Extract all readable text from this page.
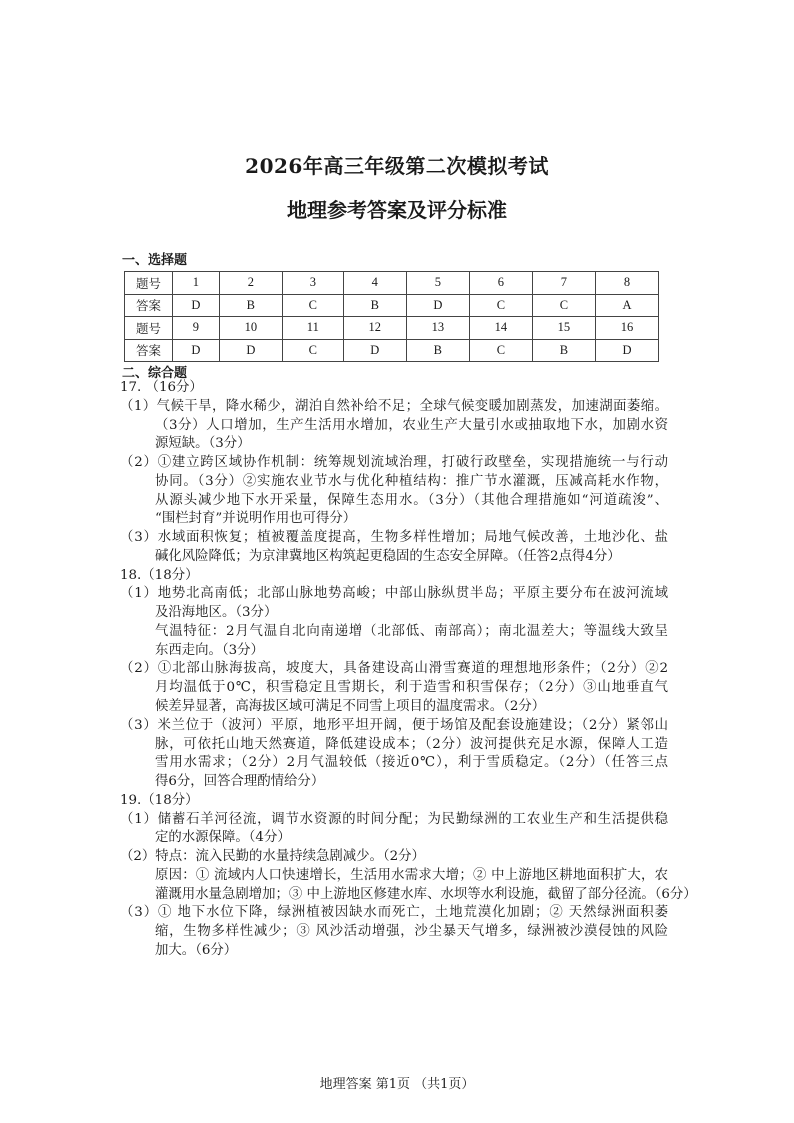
2026年高三年级第二次模拟考试
地理参考答案及评分标准
一、选择题
题号	1	2	3	4	5	6	7	8
答案	D	B	C	B	D	C	C	A
题号	9	10	11	12	13	14	15	16
答案	D	D	C	D	B	C	B	D
二、综合题
17. （16分）
（1）气候干旱，降水稀少，湖泊自然补给不足；全球气候变暖加剧蒸发，加速湖面萎缩。
（3分）人口增加，生产生活用水增加，农业生产大量引水或抽取地下水，加剧水资
源短缺。（3分）
（2）①建立跨区域协作机制：统筹规划流域治理，打破行政壁垒，实现措施统一与行动
协同。（3分）②实施农业节水与优化种植结构：推广节水灌溉，压减高耗水作物，
从源头减少地下水开采量，保障生态用水。（3分）（其他合理措施如“河道疏浚”、
“围栏封育”并说明作用也可得分）
（3）水域面积恢复；植被覆盖度提高，生物多样性增加；局地气候改善，土地沙化、盐
碱化风险降低；为京津冀地区构筑起更稳固的生态安全屏障。（任答2点得4分）
18.（18分）
（1）地势北高南低；北部山脉地势高峻；中部山脉纵贯半岛；平原主要分布在波河流域
及沿海地区。（3分）
气温特征：2月气温自北向南递增（北部低、南部高）；南北温差大；等温线大致呈
东西走向。（3分）
（2）①北部山脉海拔高，坡度大，具备建设高山滑雪赛道的理想地形条件；（2分）②2
月均温低于0℃，积雪稳定且雪期长，利于造雪和积雪保存；（2分）③山地垂直气
候差异显著，高海拔区域可满足不同雪上项目的温度需求。（2分）
（3）米兰位于（波河）平原，地形平坦开阔，便于场馆及配套设施建设；（2分）紧邻山
脉，可依托山地天然赛道，降低建设成本；（2分）波河提供充足水源，保障人工造
雪用水需求；（2分）2月气温较低（接近0℃），利于雪质稳定。（2分）（任答三点
得6分，回答合理酌情给分）
19.（18分）
（1）储蓄石羊河径流，调节水资源的时间分配；为民勤绿洲的工农业生产和生活提供稳
定的水源保障。（4分）
（2）特点：流入民勤的水量持续急剧减少。（2分）
原因：① 流域内人口快速增长，生活用水需求大增；② 中上游地区耕地面积扩大，农
灌溉用水量急剧增加；③ 中上游地区修建水库、水坝等水利设施，截留了部分径流。（6分）
（3）① 地下水位下降，绿洲植被因缺水而死亡，土地荒漠化加剧；② 天然绿洲面积萎
缩，生物多样性减少；③ 风沙活动增强，沙尘暴天气增多，绿洲被沙漠侵蚀的风险
加大。（6分）
地理答案 第1页 （共1页）
